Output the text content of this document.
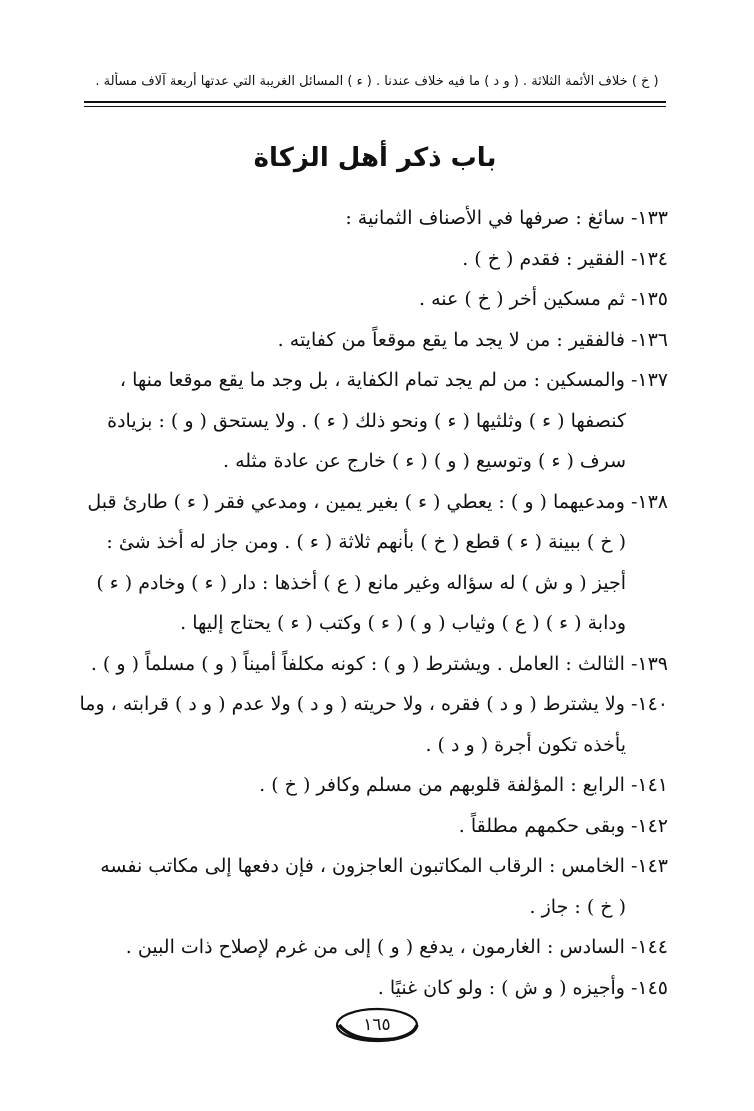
( خ ) خلاف الأئمة الثلاثة . ( و د ) ما فيه خلاف عندنا . ( ء ) المسائل الغريبة التي عدتها أربعة آلاف مسألة .
باب ذكر أهل الزكاة
١٣٣- سائغ : صرفها في الأصناف الثمانية :
١٣٤- الفقير : فقدم ( خ ) .
١٣٥- ثم مسكين أخر ( خ ) عنه .
١٣٦- فالفقير : من لا يجد ما يقع موقعاً من كفايته .
١٣٧- والمسكين : من لم يجد تمام الكفاية ، بل وجد ما يقع موقعا منها ،
كنصفها ( ء ) وثلثيها ( ء ) ونحو ذلك ( ء ) . ولا يستحق ( و ) : بزيادة
سرف ( ء ) وتوسيع ( و ) ( ء ) خارج عن عادة مثله .
١٣٨- ومدعيهما ( و ) : يعطي ( ء ) بغير يمين ، ومدعي فقر ( ء ) طارئ قبل
( خ ) ببينة ( ء ) قطع ( خ ) بأنهم ثلاثة ( ء ) . ومن جاز له أخذ شئ :
أجيز ( و ش ) له سؤاله وغير مانع ( ع ) أخذها : دار ( ء ) وخادم ( ء )
ودابة ( ء ) ( ع ) وثياب ( و ) ( ء ) وكتب ( ء ) يحتاج إليها .
١٣٩- الثالث : العامل . ويشترط ( و ) : كونه مكلفاً أميناً ( و ) مسلماً ( و ) .
١٤٠- ولا يشترط ( و د ) فقره ، ولا حريته ( و د ) ولا عدم ( و د ) قرابته ، وما
يأخذه تكون أجرة ( و د ) .
١٤١- الرابع : المؤلفة قلوبهم من مسلم وكافر ( خ ) .
١٤٢- وبقى حكمهم مطلقاً .
١٤٣- الخامس : الرقاب المكاتبون العاجزون ، فإن دفعها إلى مكاتب نفسه
( خ ) : جاز .
١٤٤- السادس : الغارمون ، يدفع ( و ) إلى من غرم لإصلاح ذات البين .
١٤٥- وأجيزه ( و ش ) : ولو كان غنيًا .
١٦٥
